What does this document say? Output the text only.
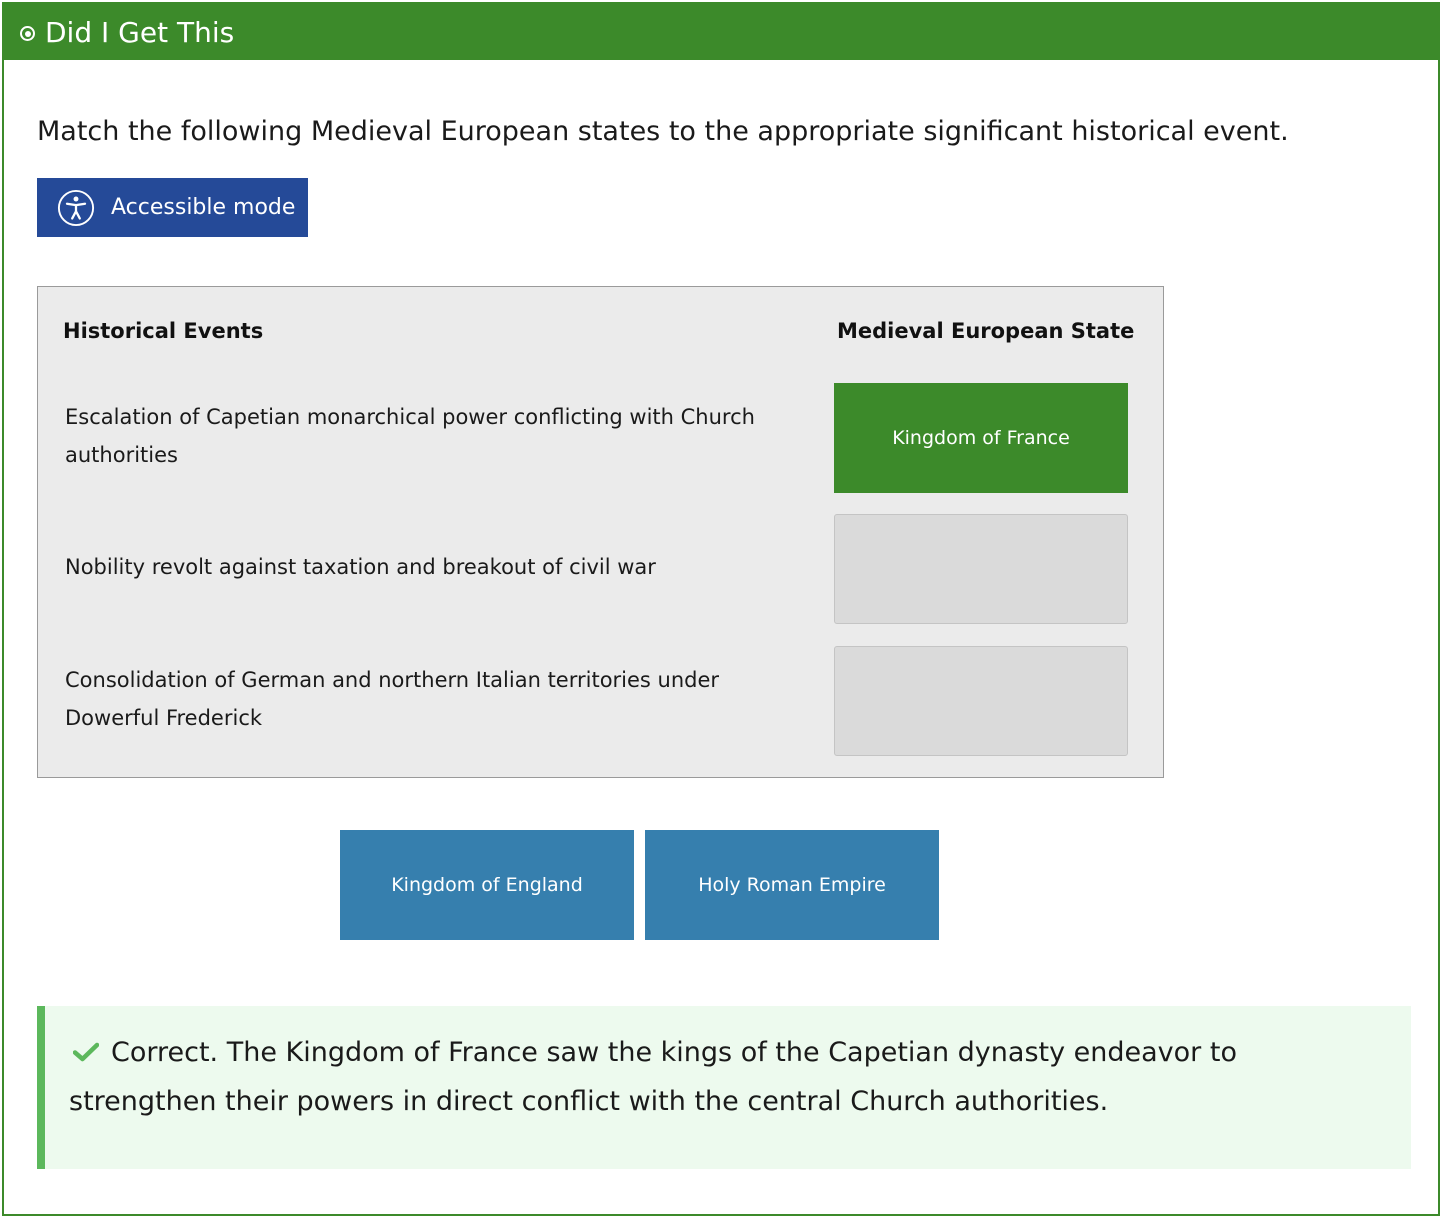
Did I Get This
Match the following Medieval European states to the appropriate significant historical event.
Accessible mode
Historical Events	Medieval European State
Escalation of Capetian monarchical power conflicting with Church authorities
Kingdom of France
Nobility revolt against taxation and breakout of civil war
Consolidation of German and northern Italian territories under Dowerful Frederick
Kingdom of England	Holy Roman Empire
Correct. The Kingdom of France saw the kings of the Capetian dynasty endeavor to strengthen their powers in direct conflict with the central Church authorities.
